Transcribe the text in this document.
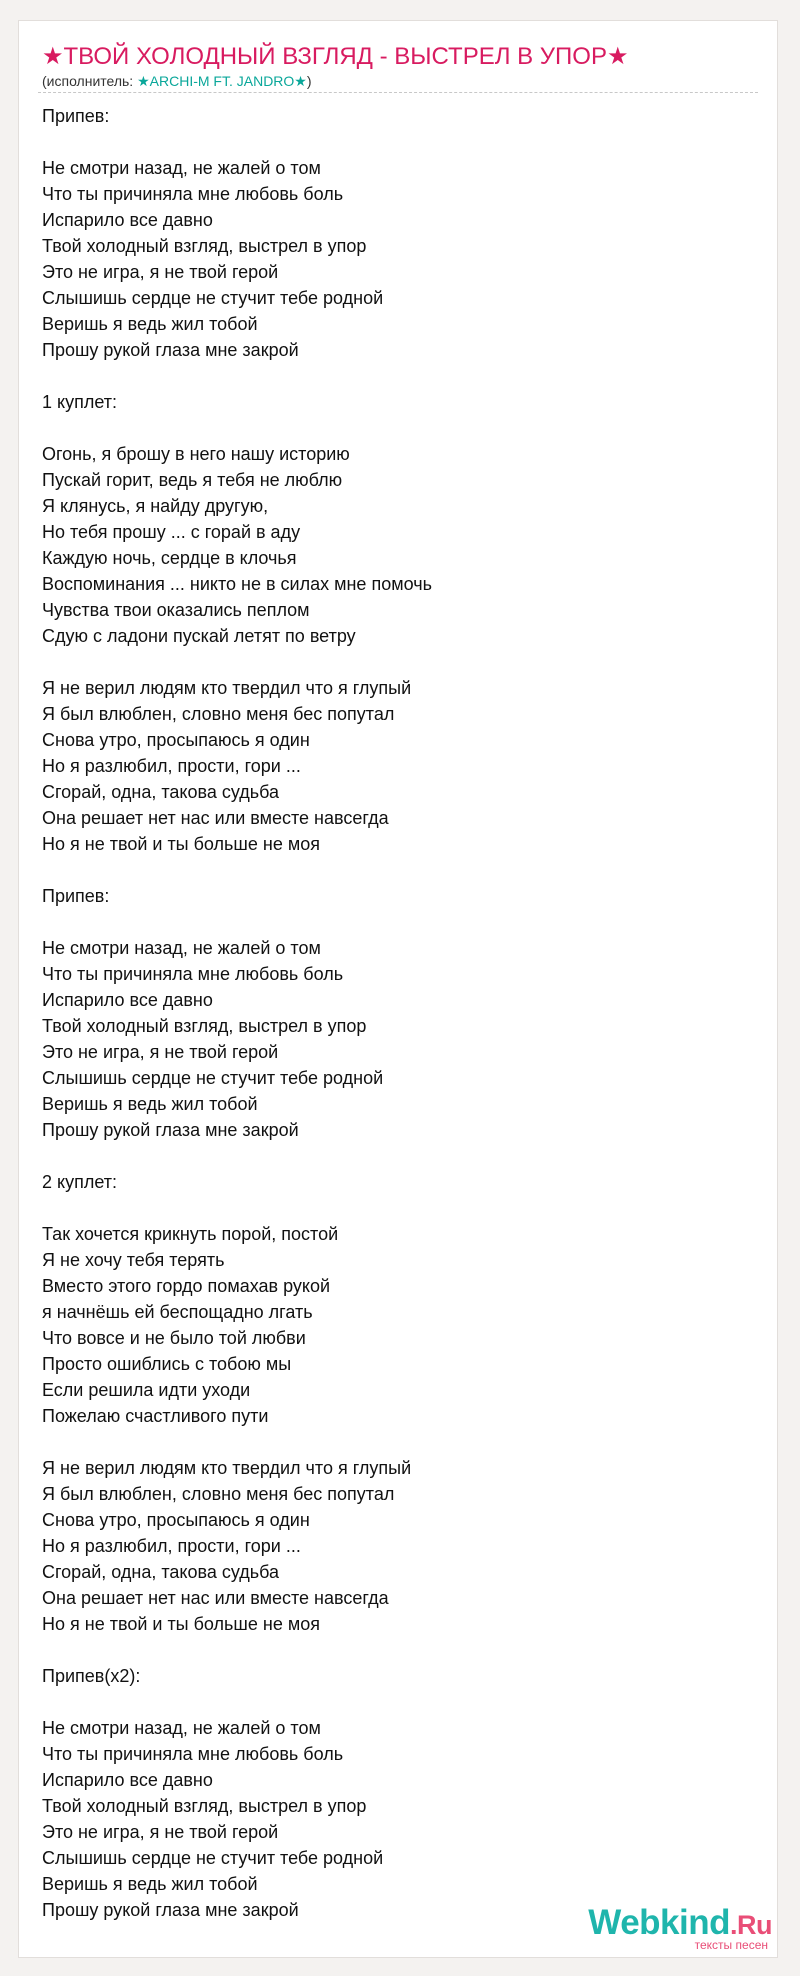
★ТВОЙ ХОЛОДНЫЙ ВЗГЛЯД - ВЫСТРЕЛ В УПОР★
(исполнитель: ★ARCHI-M FT. JANDRO★)
Припев:

Не смотри назад, не жалей о том
Что ты причиняла мне любовь боль
Испарило все давно
Твой холодный взгляд, выстрел в упор
Это не игра, я не твой герой
Слышишь сердце не стучит тебе родной
Веришь я ведь жил тобой
Прошу рукой глаза мне закрой

1 куплет:

Огонь, я брошу в него нашу историю
Пускай горит, ведь я тебя не люблю
Я клянусь, я найду другую,
Но тебя прошу ... с горай в аду
Каждую ночь, сердце в клочья
Воспоминания ... никто не в силах мне помочь
Чувства твои оказались пеплом
Сдую с ладони пускай летят по ветру

Я не верил людям кто твердил что я глупый
Я был влюблен, словно меня бес попутал
Снова утро, просыпаюсь я один
Но я разлюбил, прости, гори ...
Сгорай, одна, такова судьба
Она решает нет нас или вместе навсегда
Но я не твой и ты больше не моя

Припев:

Не смотри назад, не жалей о том
Что ты причиняла мне любовь боль
Испарило все давно
Твой холодный взгляд, выстрел в упор
Это не игра, я не твой герой
Слышишь сердце не стучит тебе родной
Веришь я ведь жил тобой
Прошу рукой глаза мне закрой

2 куплет:

Так хочется крикнуть порой, постой
Я не хочу тебя терять
Вместо этого гордо помахав рукой
я начнёшь ей беспощадно лгать
Что вовсе и не было той любви
Просто ошиблись с тобою мы
Если решила идти уходи
Пожелаю счастливого пути

Я не верил людям кто твердил что я глупый
Я был влюблен, словно меня бес попутал
Снова утро, просыпаюсь я один
Но я разлюбил, прости, гори ...
Сгорай, одна, такова судьба
Она решает нет нас или вместе навсегда
Но я не твой и ты больше не моя

Припев(x2):

Не смотри назад, не жалей о том
Что ты причиняла мне любовь боль
Испарило все давно
Твой холодный взгляд, выстрел в упор
Это не игра, я не твой герой
Слышишь сердце не стучит тебе родной
Веришь я ведь жил тобой
Прошу рукой глаза мне закрой	Webkind.Ru
тексты песен
